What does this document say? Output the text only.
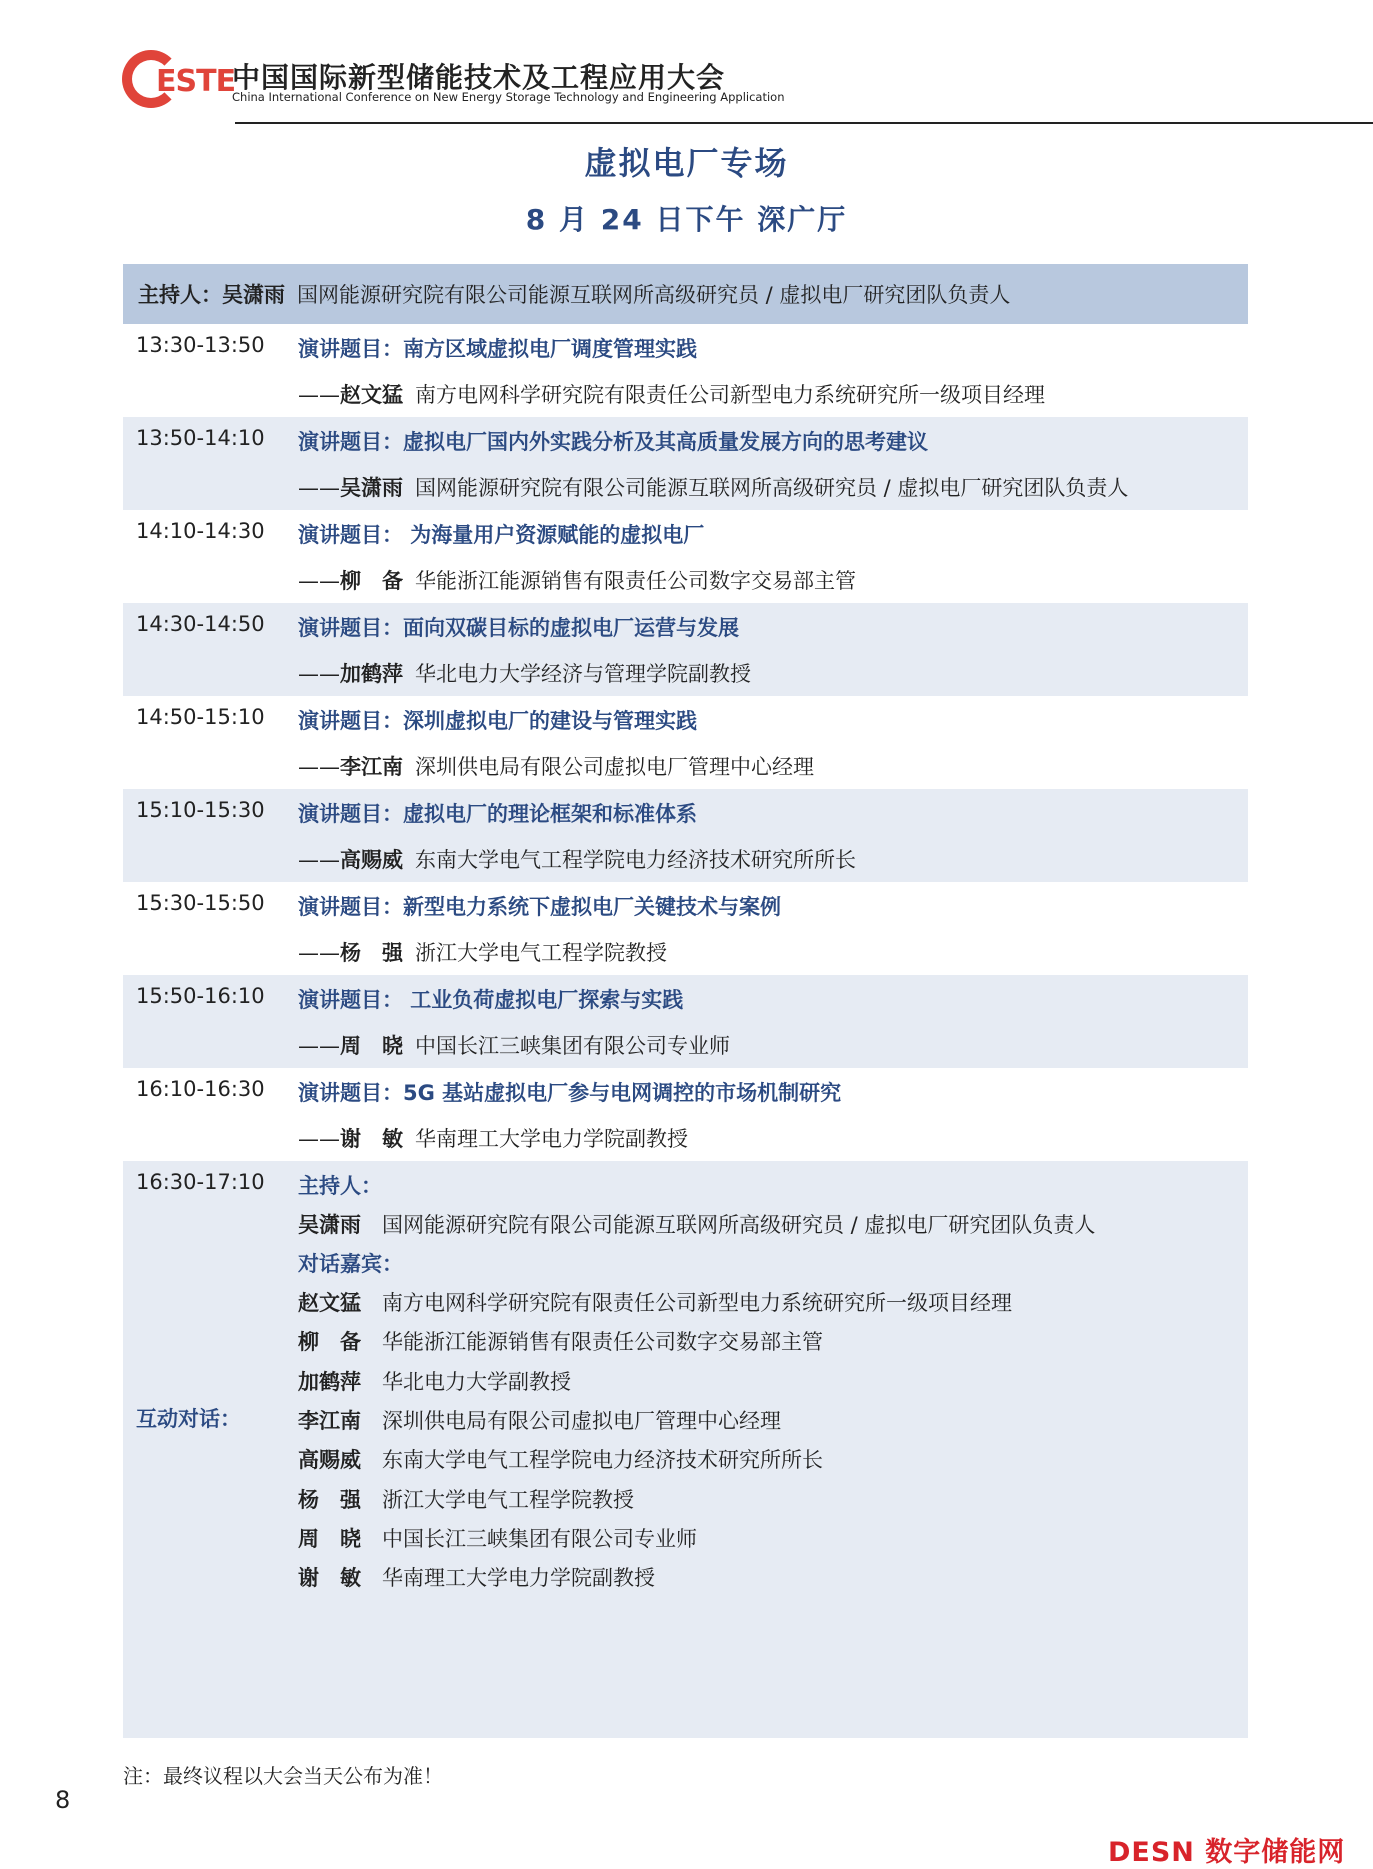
ESTE
中国国际新型储能技术及工程应用大会
China International Conference on New Energy Storage Technology and Engineering Application
虚拟电厂专场
8 月 24 日下午 深广厅
主持人： 吴潇雨 国网能源研究院有限公司能源互联网所高级研究员 / 虚拟电厂研究团队负责人
13:30-13:50 演讲题目：南方区域虚拟电厂调度管理实践
——赵文猛 南方电网科学研究院有限责任公司新型电力系统研究所一级项目经理
13:50-14:10 演讲题目：虚拟电厂国内外实践分析及其高质量发展方向的思考建议
——吴潇雨 国网能源研究院有限公司能源互联网所高级研究员 / 虚拟电厂研究团队负责人
14:10-14:30 演讲题目： 为海量用户资源赋能的虚拟电厂
——柳　备 华能浙江能源销售有限责任公司数字交易部主管
14:30-14:50 演讲题目：面向双碳目标的虚拟电厂运营与发展
——加鹤萍 华北电力大学经济与管理学院副教授
14:50-15:10 演讲题目：深圳虚拟电厂的建设与管理实践
——李江南 深圳供电局有限公司虚拟电厂管理中心经理
15:10-15:30 演讲题目：虚拟电厂的理论框架和标准体系
——高赐威 东南大学电气工程学院电力经济技术研究所所长
15:30-15:50 演讲题目：新型电力系统下虚拟电厂关键技术与案例
——杨　强 浙江大学电气工程学院教授
15:50-16:10 演讲题目： 工业负荷虚拟电厂探索与实践
——周　晓 中国长江三峡集团有限公司专业师
16:10-16:30 演讲题目：5G 基站虚拟电厂参与电网调控的市场机制研究
——谢　敏 华南理工大学电力学院副教授
16:30-17:10 主持人：
吴潇雨 国网能源研究院有限公司能源互联网所高级研究员 / 虚拟电厂研究团队负责人
对话嘉宾：
互动对话：
赵文猛 南方电网科学研究院有限责任公司新型电力系统研究所一级项目经理
柳　备 华能浙江能源销售有限责任公司数字交易部主管
加鹤萍 华北电力大学副教授
李江南 深圳供电局有限公司虚拟电厂管理中心经理
高赐威 东南大学电气工程学院电力经济技术研究所所长
杨　强 浙江大学电气工程学院教授
周　晓 中国长江三峡集团有限公司专业师
谢　敏 华南理工大学电力学院副教授
注：最终议程以大会当天公布为准！
8
DESN 数字储能网
